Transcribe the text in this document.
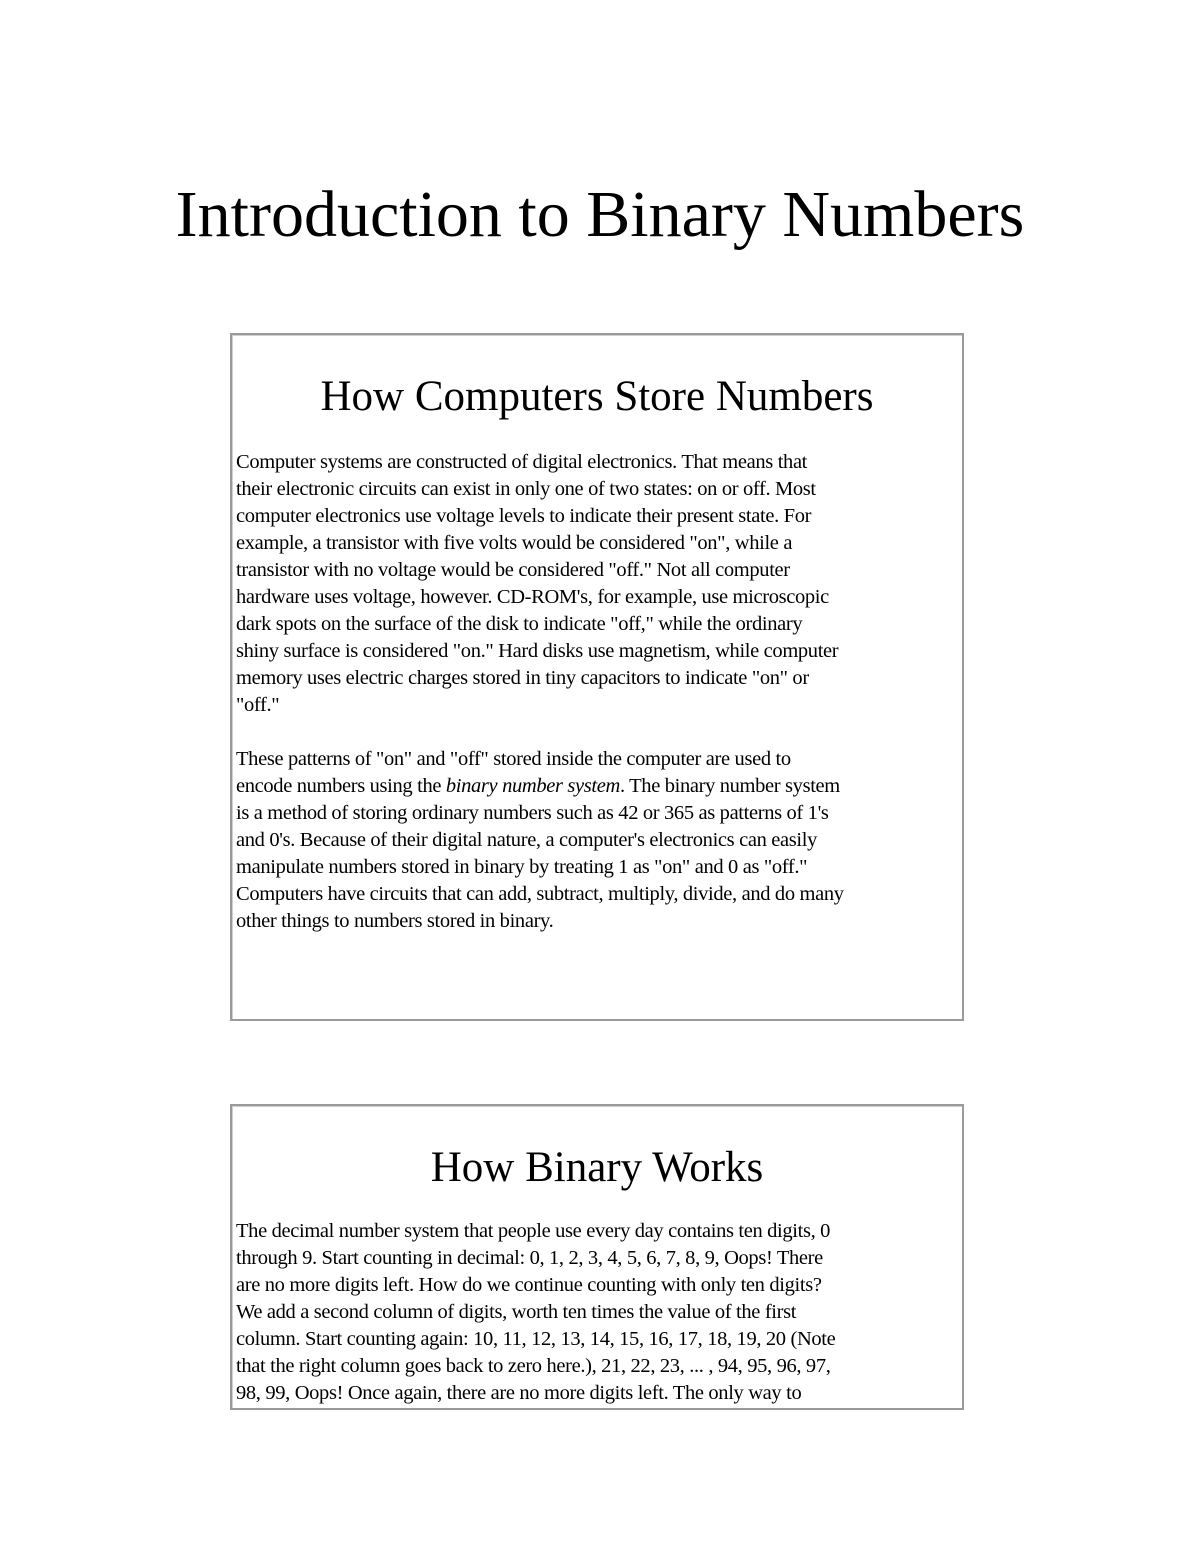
Introduction to Binary Numbers
How Computers Store Numbers

Computer systems are constructed of digital electronics. That means that
their electronic circuits can exist in only one of two states: on or off. Most
computer electronics use voltage levels to indicate their present state. For
example, a transistor with five volts would be considered "on", while a
transistor with no voltage would be considered "off." Not all computer
hardware uses voltage, however. CD-ROM's, for example, use microscopic
dark spots on the surface of the disk to indicate "off," while the ordinary
shiny surface is considered "on." Hard disks use magnetism, while computer
memory uses electric charges stored in tiny capacitors to indicate "on" or
"off."

These patterns of "on" and "off" stored inside the computer are used to
encode numbers using the binary number system. The binary number system
is a method of storing ordinary numbers such as 42 or 365 as patterns of 1's
and 0's. Because of their digital nature, a computer's electronics can easily
manipulate numbers stored in binary by treating 1 as "on" and 0 as "off."
Computers have circuits that can add, subtract, multiply, divide, and do many
other things to numbers stored in binary.

How Binary Works

The decimal number system that people use every day contains ten digits, 0
through 9. Start counting in decimal: 0, 1, 2, 3, 4, 5, 6, 7, 8, 9, Oops! There
are no more digits left. How do we continue counting with only ten digits?
We add a second column of digits, worth ten times the value of the first
column. Start counting again: 10, 11, 12, 13, 14, 15, 16, 17, 18, 19, 20 (Note
that the right column goes back to zero here.), 21, 22, 23, ... , 94, 95, 96, 97,
98, 99, Oops! Once again, there are no more digits left. The only way to
